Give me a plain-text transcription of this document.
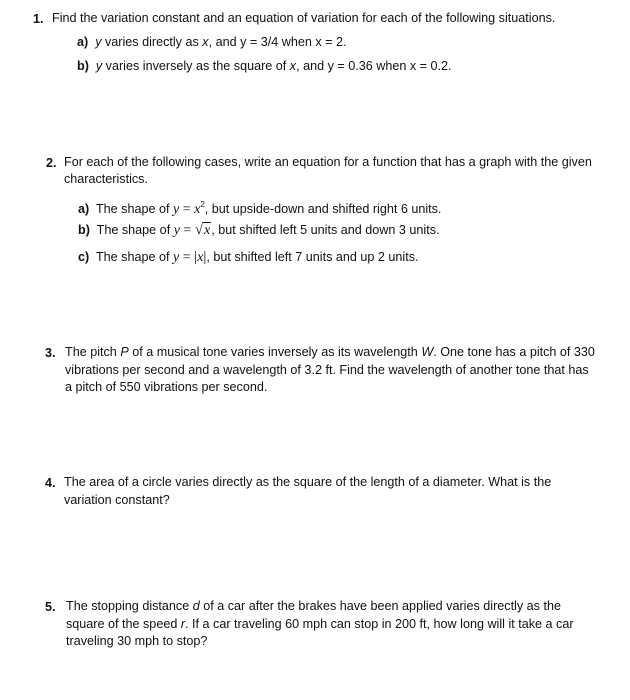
1. Find the variation constant and an equation of variation for each of the following situations.
a) y varies directly as x, and y = 3/4 when x = 2.
b) y varies inversely as the square of x, and y = 0.36 when x = 0.2.
2. For each of the following cases, write an equation for a function that has a graph with the given
characteristics.
a) The shape of $y = x^2$, but upside-down and shifted right 6 units.
b) The shape of y = √x, but shifted left 5 units and down 3 units.
c) The shape of y = |x|, but shifted left 7 units and up 2 units.
3. The pitch P of a musical tone varies inversely as its wavelength W. One tone has a pitch of 330
vibrations per second and a wavelength of 3.2 ft. Find the wavelength of another tone that has
a pitch of 550 vibrations per second.
4. The area of a circle varies directly as the square of the length of a diameter. What is the
variation constant?
5. The stopping distance d of a car after the brakes have been applied varies directly as the
square of the speed r. If a car traveling 60 mph can stop in 200 ft, how long will it take a car
traveling 30 mph to stop?
